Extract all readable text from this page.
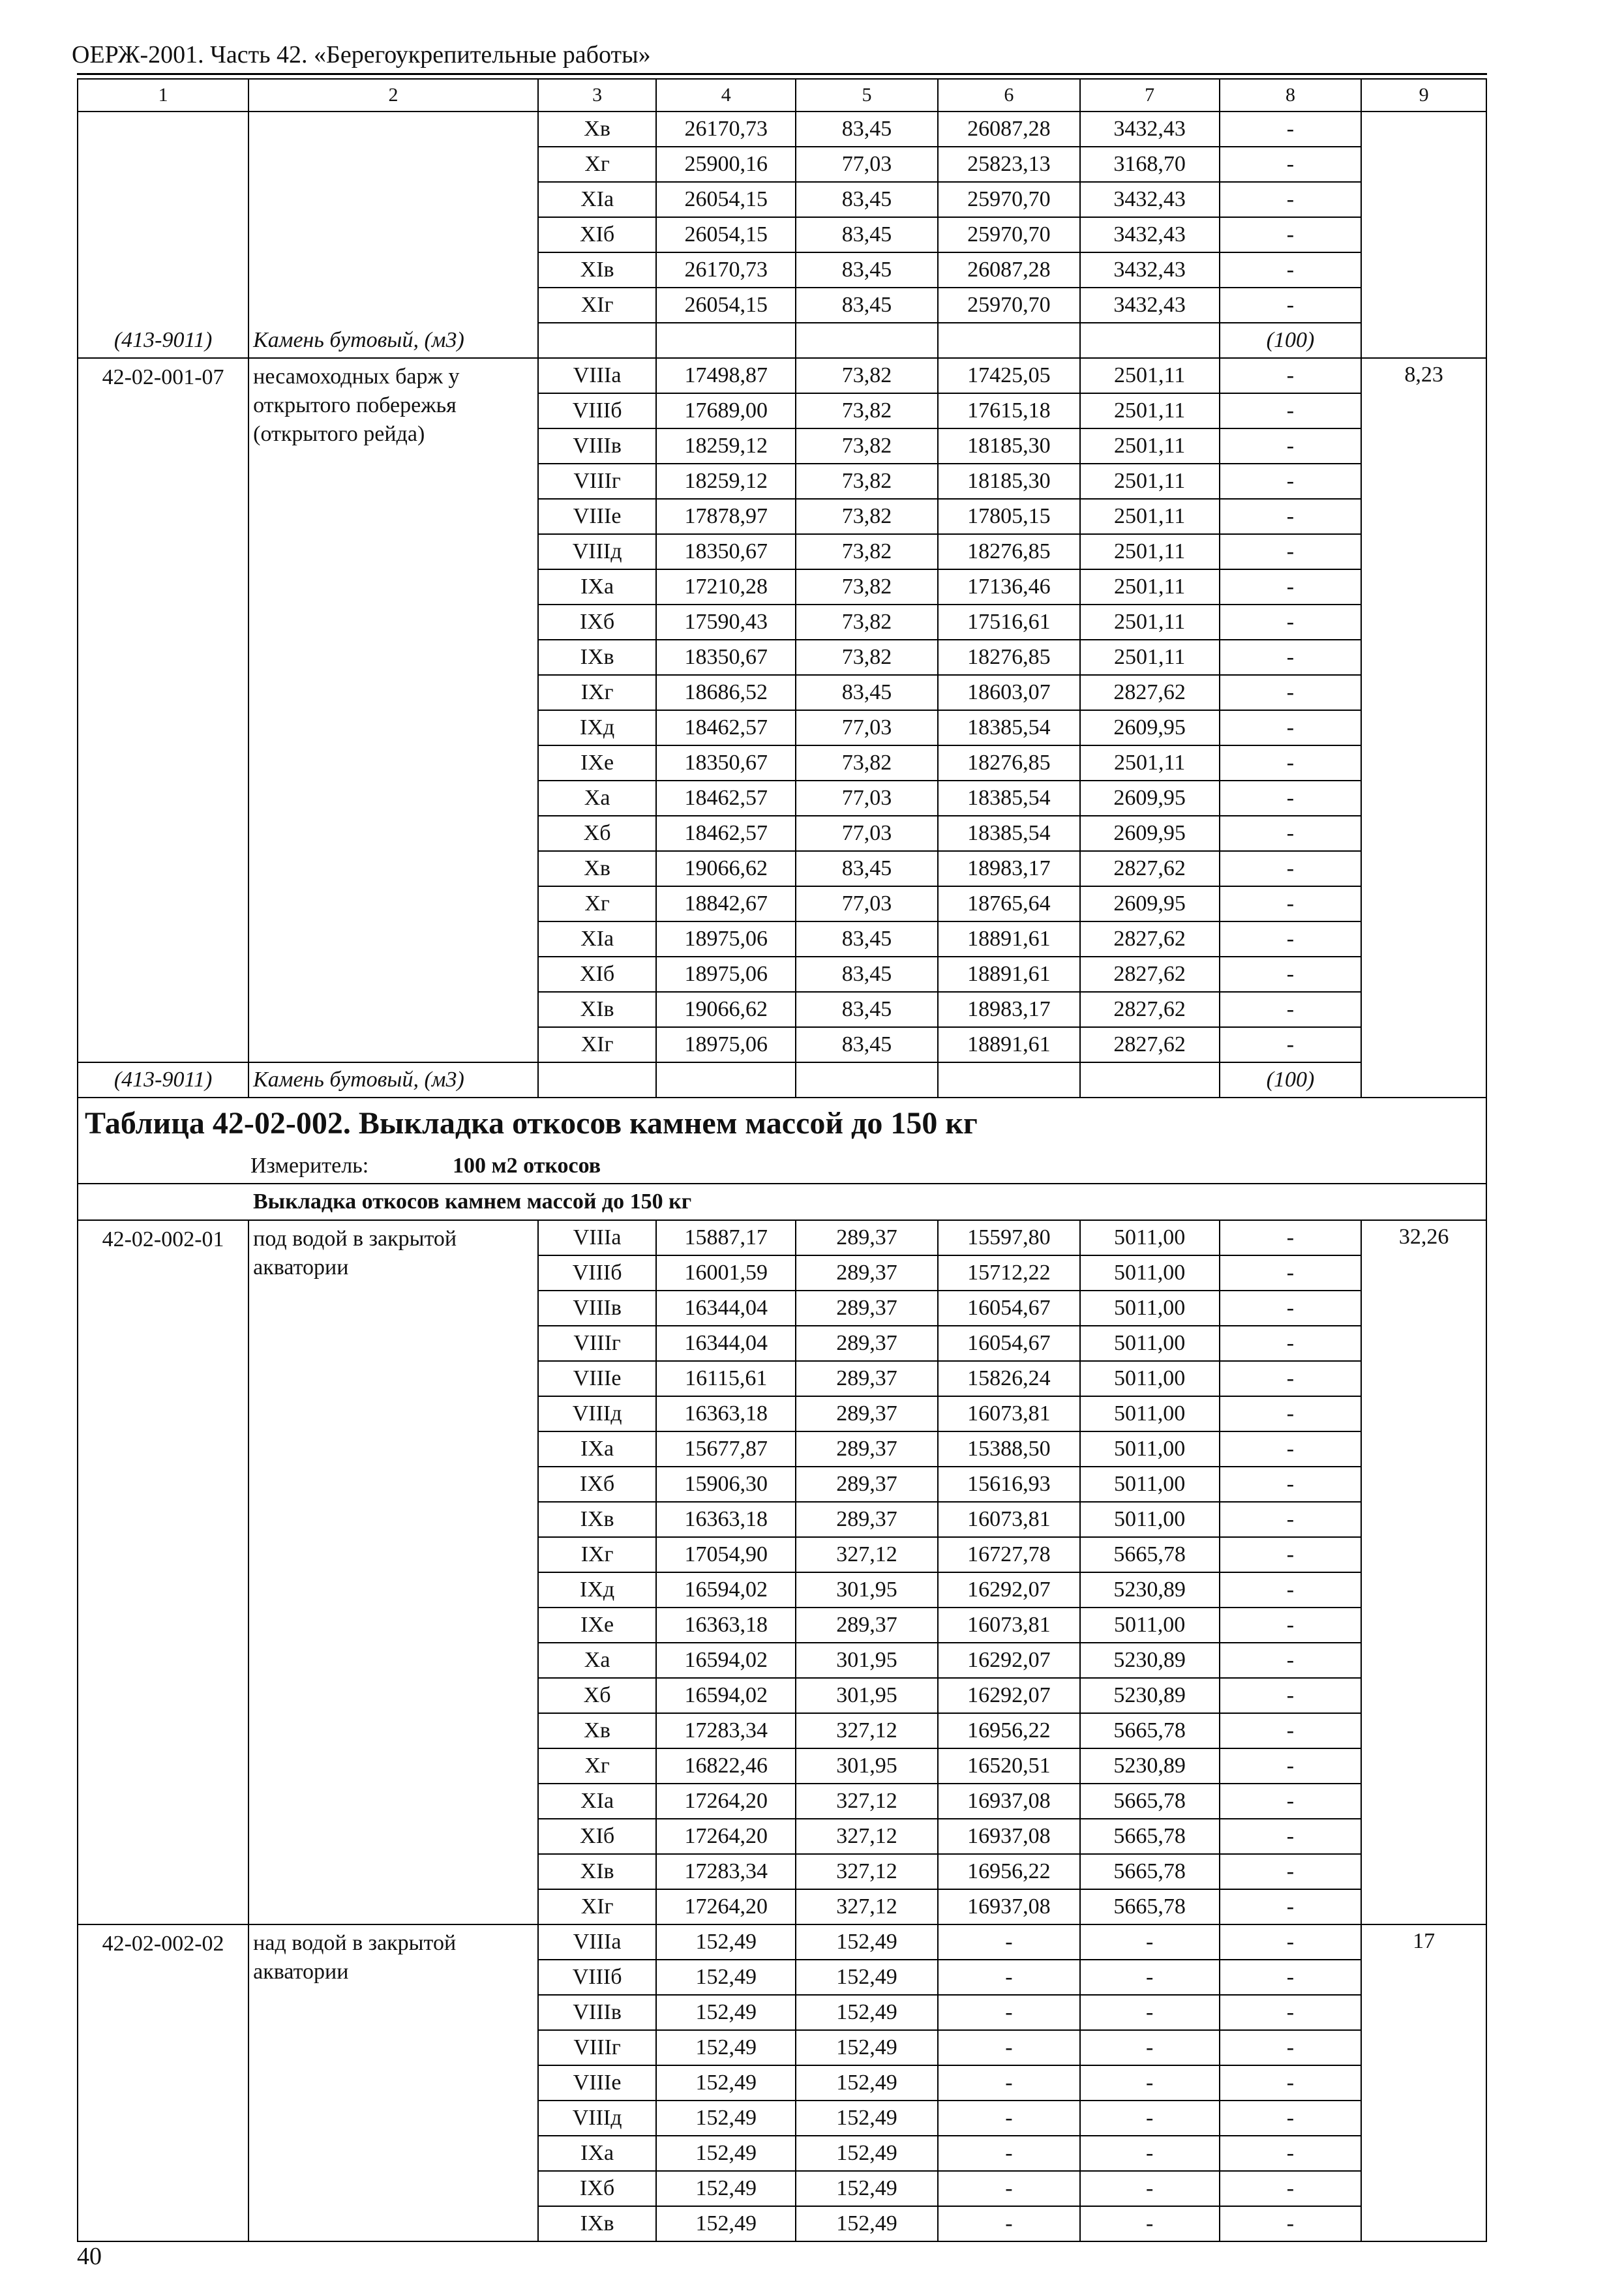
ОЕРЖ-2001. Часть 42. «Берегоукрепительные работы»
1	2	3	4	5	6	7	8	9
		Xв	26170,73	83,45	26087,28	3432,43	-	
		Xг	25900,16	77,03	25823,13	3168,70	-	
		XIа	26054,15	83,45	25970,70	3432,43	-	
		XIб	26054,15	83,45	25970,70	3432,43	-	
		XIв	26170,73	83,45	26087,28	3432,43	-	
		XIг	26054,15	83,45	25970,70	3432,43	-	
(413-9011)	Камень бутовый, (м3)						(100)	
42-02-001-07	несамоходных барж у открытого побережья (открытого рейда)	VIIIа	17498,87	73,82	17425,05	2501,11	-	8,23
		VIIIб	17689,00	73,82	17615,18	2501,11	-	
		VIIIв	18259,12	73,82	18185,30	2501,11	-	
		VIIIг	18259,12	73,82	18185,30	2501,11	-	
		VIIIе	17878,97	73,82	17805,15	2501,11	-	
		VIIIд	18350,67	73,82	18276,85	2501,11	-	
		IXа	17210,28	73,82	17136,46	2501,11	-	
		IXб	17590,43	73,82	17516,61	2501,11	-	
		IXв	18350,67	73,82	18276,85	2501,11	-	
		IXг	18686,52	83,45	18603,07	2827,62	-	
		IXд	18462,57	77,03	18385,54	2609,95	-	
		IXе	18350,67	73,82	18276,85	2501,11	-	
		Xа	18462,57	77,03	18385,54	2609,95	-	
		Xб	18462,57	77,03	18385,54	2609,95	-	
		Xв	19066,62	83,45	18983,17	2827,62	-	
		Xг	18842,67	77,03	18765,64	2609,95	-	
		XIа	18975,06	83,45	18891,61	2827,62	-	
		XIб	18975,06	83,45	18891,61	2827,62	-	
		XIв	19066,62	83,45	18983,17	2827,62	-	
		XIг	18975,06	83,45	18891,61	2827,62	-	
(413-9011)	Камень бутовый, (м3)						(100)	
Таблица 42-02-002. Выкладка откосов камнем массой до 150 кг								
Измеритель: 100 м2 откосов								
Выкладка откосов камнем массой до 150 кг								
42-02-002-01	под водой в закрытой акватории	VIIIа	15887,17	289,37	15597,80	5011,00	-	32,26
		VIIIб	16001,59	289,37	15712,22	5011,00	-	
		VIIIв	16344,04	289,37	16054,67	5011,00	-	
		VIIIг	16344,04	289,37	16054,67	5011,00	-	
		VIIIе	16115,61	289,37	15826,24	5011,00	-	
		VIIIд	16363,18	289,37	16073,81	5011,00	-	
		IXа	15677,87	289,37	15388,50	5011,00	-	
		IXб	15906,30	289,37	15616,93	5011,00	-	
		IXв	16363,18	289,37	16073,81	5011,00	-	
		IXг	17054,90	327,12	16727,78	5665,78	-	
		IXд	16594,02	301,95	16292,07	5230,89	-	
		IXе	16363,18	289,37	16073,81	5011,00	-	
		Xа	16594,02	301,95	16292,07	5230,89	-	
		Xб	16594,02	301,95	16292,07	5230,89	-	
		Xв	17283,34	327,12	16956,22	5665,78	-	
		Xг	16822,46	301,95	16520,51	5230,89	-	
		XIа	17264,20	327,12	16937,08	5665,78	-	
		XIб	17264,20	327,12	16937,08	5665,78	-	
		XIв	17283,34	327,12	16956,22	5665,78	-	
		XIг	17264,20	327,12	16937,08	5665,78	-	
42-02-002-02	над водой в закрытой акватории	VIIIа	152,49	152,49	-	-	-	17
		VIIIб	152,49	152,49	-	-	-	
		VIIIв	152,49	152,49	-	-	-	
		VIIIг	152,49	152,49	-	-	-	
		VIIIе	152,49	152,49	-	-	-	
		VIIIд	152,49	152,49	-	-	-	
		IXа	152,49	152,49	-	-	-	
		IXб	152,49	152,49	-	-	-	
		IXв	152,49	152,49	-	-	-	
40
